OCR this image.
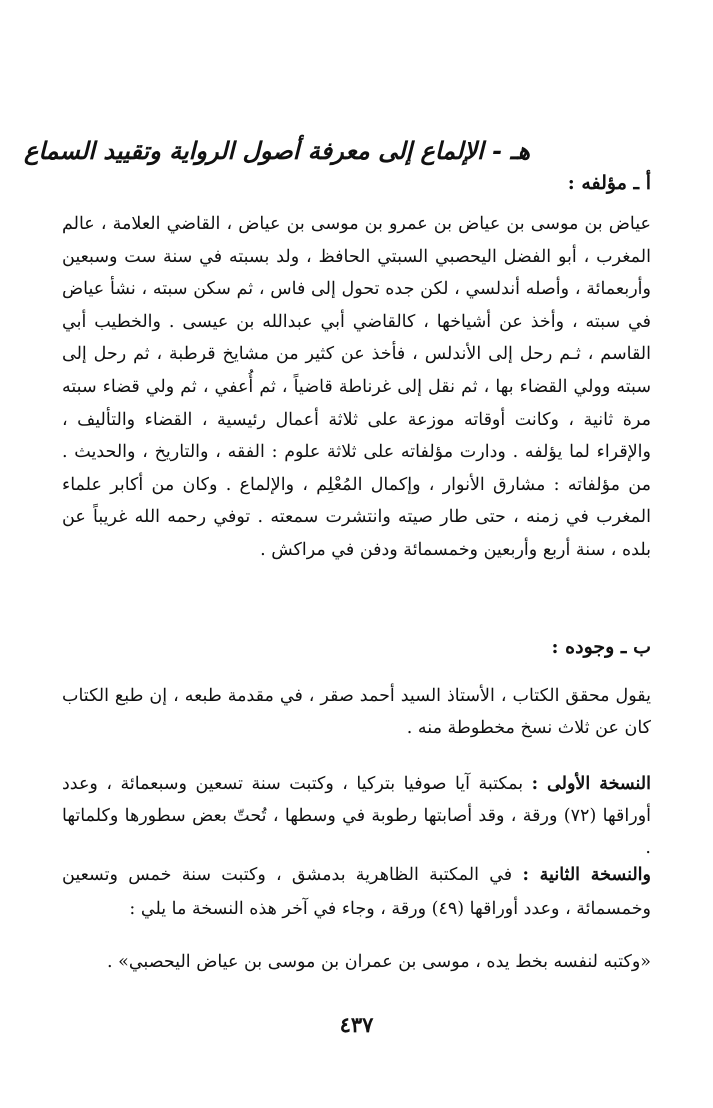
هـ - الإلماع إلى معرفة أصول الرواية وتقييد السماع
أ ـ مؤلفه :

عياض بن موسى بن عياض بن عمرو بن موسى بن عياض ، القاضي العلامة ، عالم المغرب ، أبو الفضل اليحصبي السبتي الحافظ ، ولد بسبته في سنة ست وسبعين وأربعمائة ، وأصله أندلسي ، لكن جده تحول إلى فاس ، ثم سكن سبته ، نشأ عياض في سبته ، وأخذ عن أشياخها ، كالقاضي أبي عبدالله بن عيسى . والخطيب أبي القاسم ، ثـم رحل إلى الأندلس ، فأخذ عن كثير من مشايخ قرطبة ، ثم رحل إلى سبته وولي القضاء بها ، ثم نقل إلى غرناطة قاضياً ، ثم أُعفي ، ثم ولي قضاء سبته مرة ثانية ، وكانت أوقاته موزعة على ثلاثة أعمال رئيسية ، القضاء والتأليف ، والإقراء لما يؤلفه . ودارت مؤلفاته على ثلاثة علوم : الفقه ، والتاريخ ، والحديث . من مؤلفاته : مشارق الأنوار ، وإكمال المُعْلِم ، والإلماع . وكان من أكابر علماء المغرب في زمنه ، حتى طار صيته وانتشرت سمعته . توفي رحمه الله غريباً عن بلده ، سنة أربع وأربعين وخمسمائة ودفن في مراكش .

ب ـ وجوده :

يقول محقق الكتاب ، الأستاذ السيد أحمد صقر ، في مقدمة طبعه ، إن طبع الكتاب كان عن ثلاث نسخ مخطوطة منه .

النسخة الأولى : بمكتبة آيا صوفيا بتركيا ، وكتبت سنة تسعين وسبعمائة ، وعدد أوراقها (٧٢) ورقة ، وقد أصابتها رطوبة في وسطها ، تُحتّ بعض سطورها وكلماتها .

والنسخة الثانية : في المكتبة الظاهرية بدمشق ، وكتبت سنة خمس وتسعين وخمسمائة ، وعدد أوراقها (٤٩) ورقة ، وجاء في آخر هذه النسخة ما يلي :

«وكتبه لنفسه بخط يده ، موسى بن عمران بن موسى بن عياض اليحصبي» .

٤٣٧
